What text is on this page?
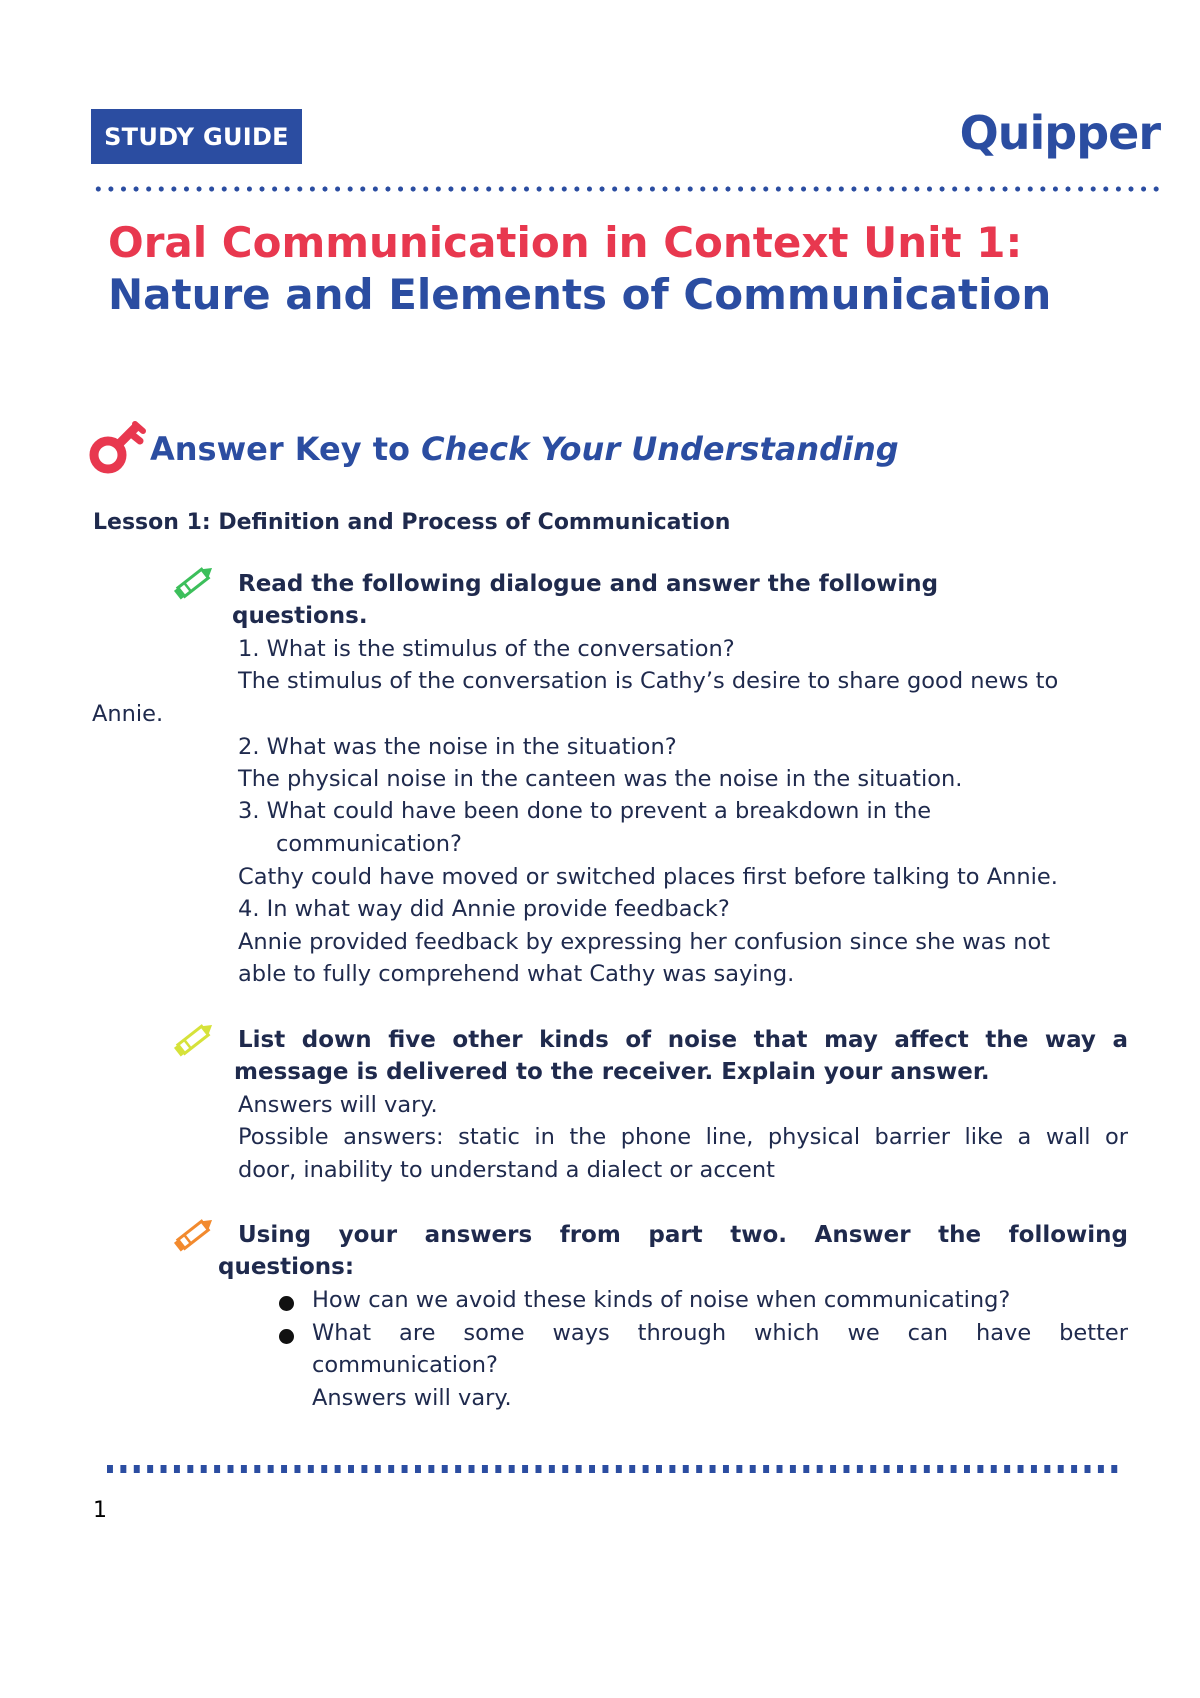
STUDY GUIDE	Quipper
Oral Communication in Context Unit 1:
Nature and Elements of Communication
Answer Key to Check Your Understanding

Lesson 1: Definition and Process of Communication

Read the following dialogue and answer the following

questions.

1. What is the stimulus of the conversation?

The stimulus of the conversation is Cathy’s desire to share good news to

Annie.

2. What was the noise in the situation?

The physical noise in the canteen was the noise in the situation.

3. What could have been done to prevent a breakdown in the

communication?

Cathy could have moved or switched places first before talking to Annie.

4. In what way did Annie provide feedback?

Annie provided feedback by expressing her confusion since she was not

able to fully comprehend what Cathy was saying.

List down five other kinds of noise that may affect the way a

message is delivered to the receiver. Explain your answer.

Answers will vary.

Possible answers: static in the phone line, physical barrier like a wall or

door, inability to understand a dialect or accent

Using your answers from part two. Answer the following

questions:

How can we avoid these kinds of noise when communicating?

What are some ways through which we can have better

communication?

Answers will vary.

1
